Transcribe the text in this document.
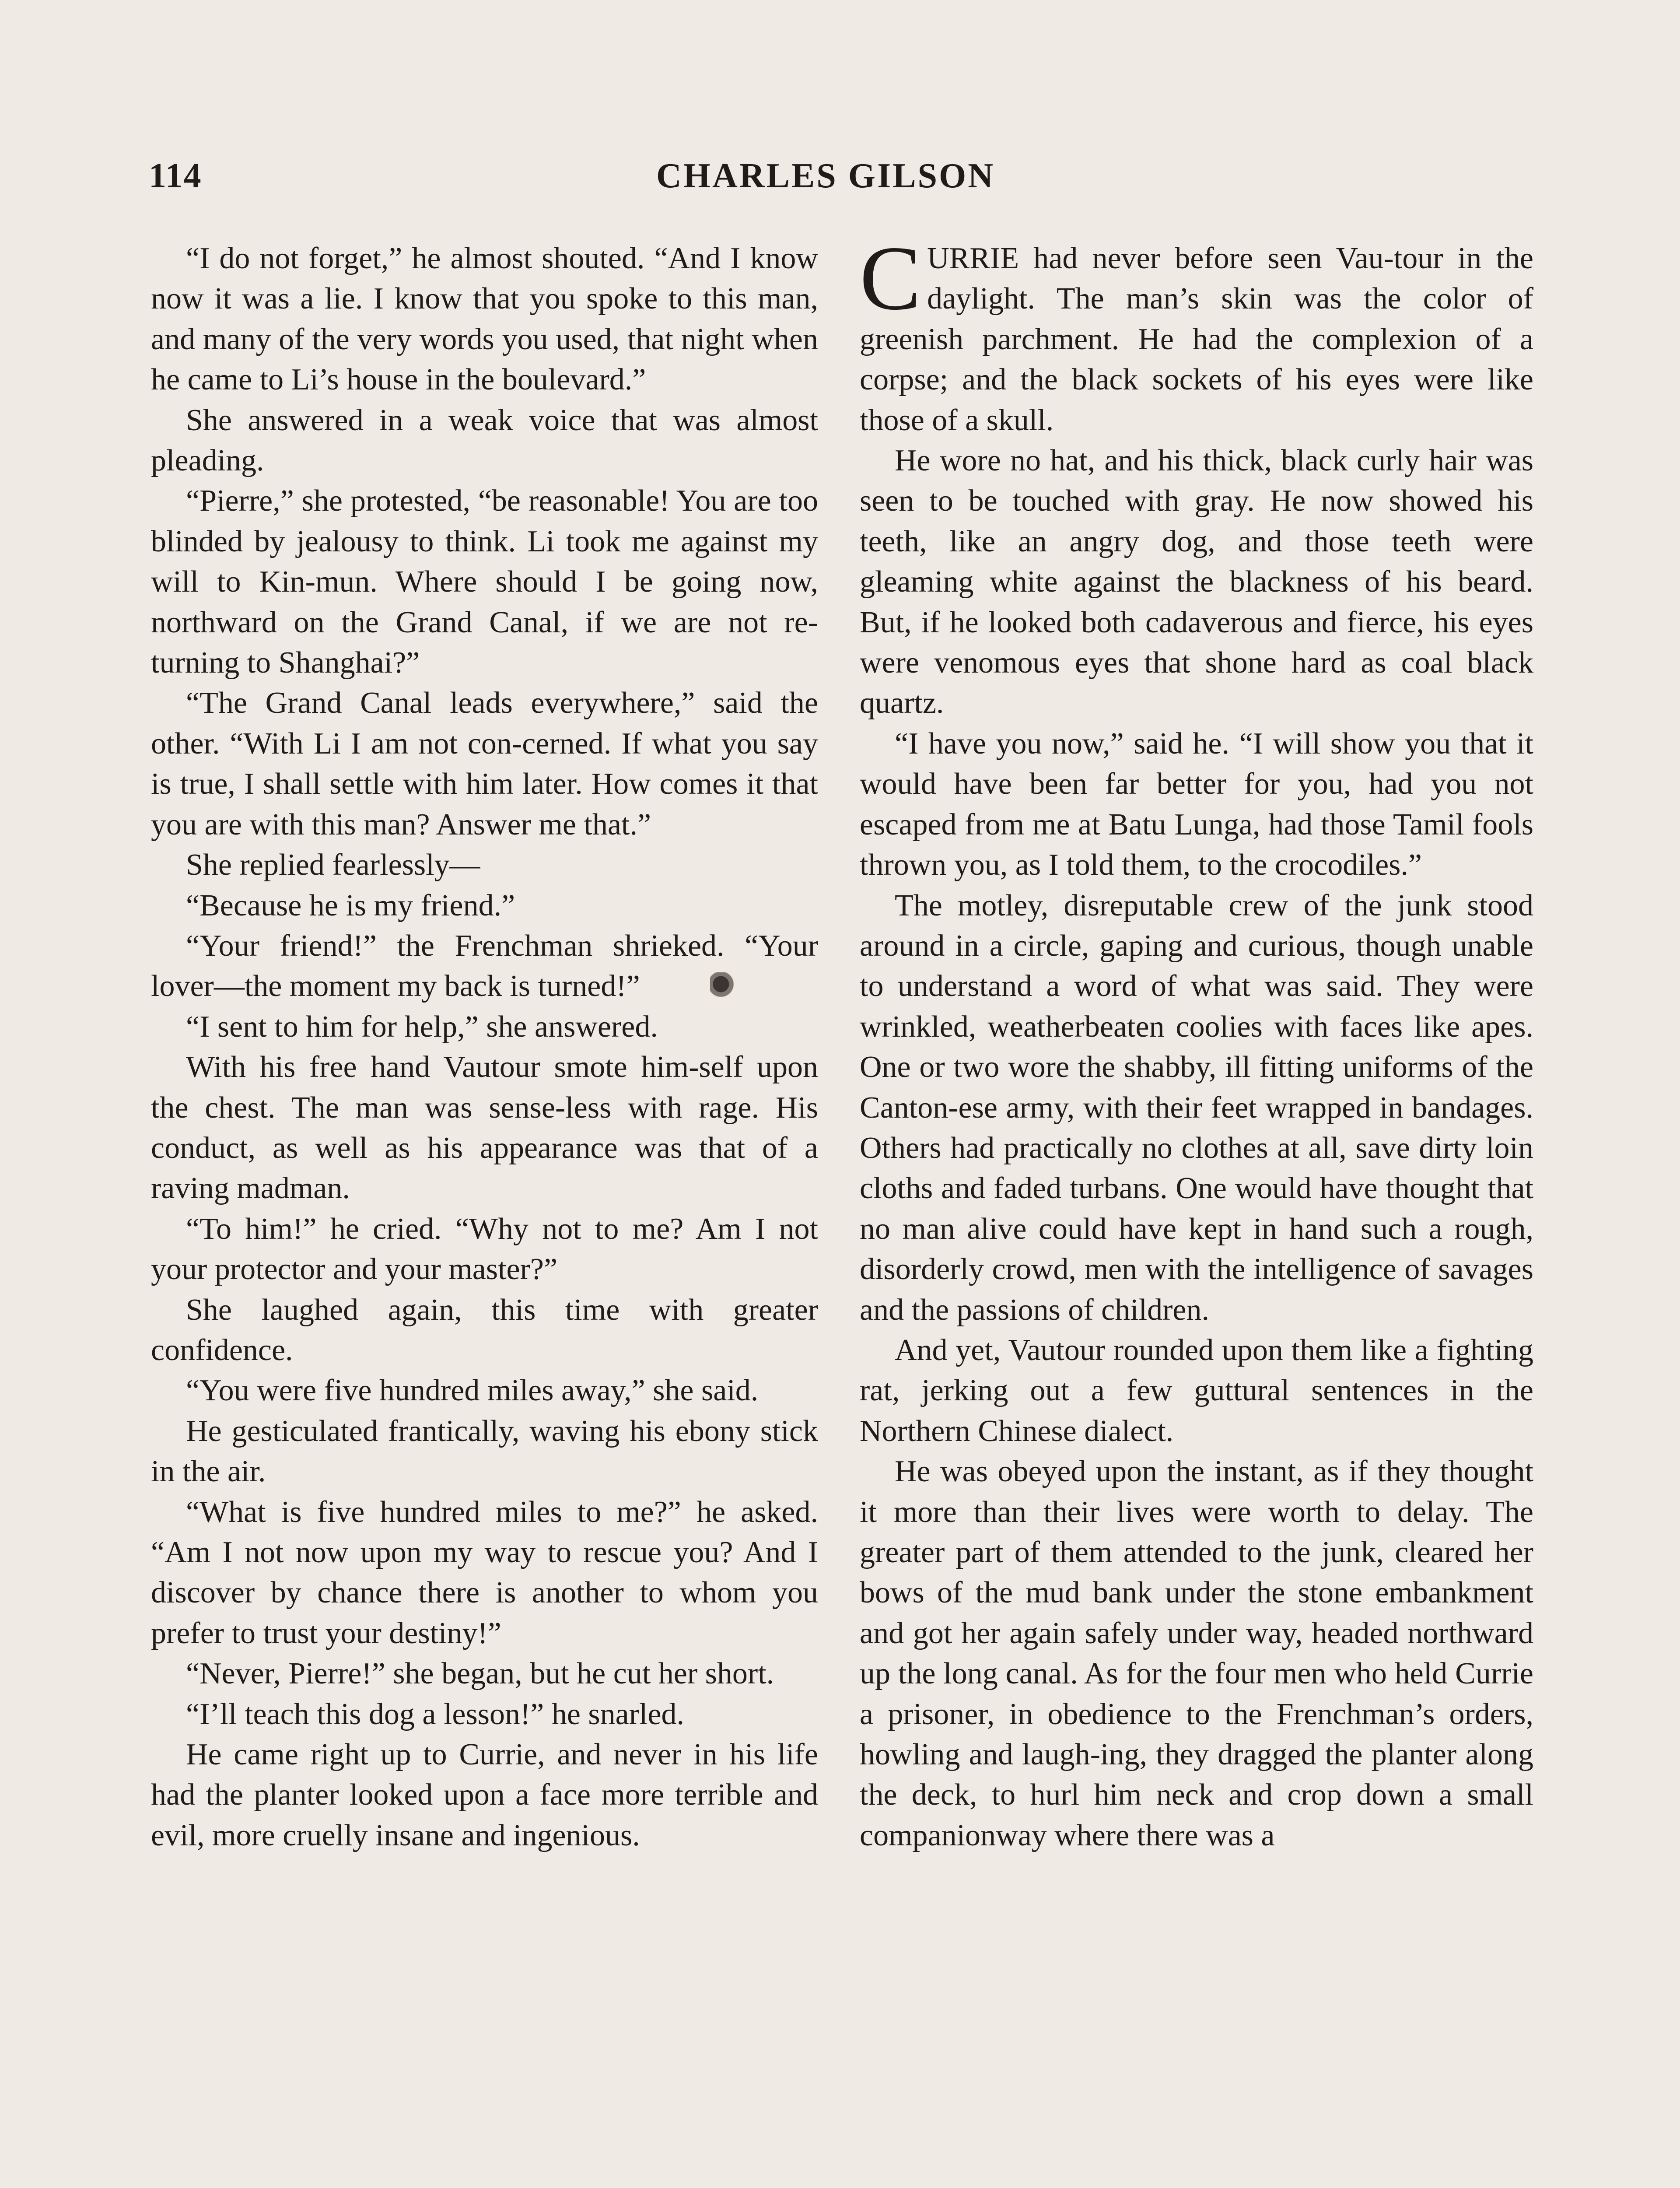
114	CHARLES GILSON

“I do not forget,” he almost shouted. “And I know now it was a lie. I know that you spoke to this man, and many of the very words you used, that night when he came to Li’s house in the boulevard.”

She answered in a weak voice that was almost pleading.

“Pierre,” she protested, “be reasonable! You are too blinded by jealousy to think. Li took me against my will to Kin-mun. Where should I be going now, northward on the Grand Canal, if we are not re-turning to Shanghai?”

“The Grand Canal leads everywhere,” said the other. “With Li I am not con-cerned. If what you say is true, I shall settle with him later. How comes it that you are with this man? Answer me that.”

She replied fearlessly—

“Because he is my friend.”

“Your friend!” the Frenchman shrieked. “Your lover—the moment my back is turned!”

“I sent to him for help,” she answered.

With his free hand Vautour smote him-self upon the chest. The man was sense-less with rage. His conduct, as well as his appearance was that of a raving madman.

“To him!” he cried. “Why not to me? Am I not your protector and your master?”

She laughed again, this time with greater confidence.

“You were five hundred miles away,” she said.

He gesticulated frantically, waving his ebony stick in the air.

“What is five hundred miles to me?” he asked. “Am I not now upon my way to rescue you? And I discover by chance there is another to whom you prefer to trust your destiny!”

“Never, Pierre!” she began, but he cut her short.

“I’ll teach this dog a lesson!” he snarled.

He came right up to Currie, and never in his life had the planter looked upon a face more terrible and evil, more cruelly insane and ingenious.

CURRIE had never before seen Vau-tour in the daylight. The man’s skin was the color of greenish parchment. He had the complexion of a corpse; and the black sockets of his eyes were like those of a skull.

He wore no hat, and his thick, black curly hair was seen to be touched with gray. He now showed his teeth, like an angry dog, and those teeth were gleaming white against the blackness of his beard. But, if he looked both cadaverous and fierce, his eyes were venomous eyes that shone hard as coal black quartz.

“I have you now,” said he. “I will show you that it would have been far better for you, had you not escaped from me at Batu Lunga, had those Tamil fools thrown you, as I told them, to the crocodiles.”

The motley, disreputable crew of the junk stood around in a circle, gaping and curious, though unable to understand a word of what was said. They were wrinkled, weatherbeaten coolies with faces like apes. One or two wore the shabby, ill fitting uniforms of the Canton-ese army, with their feet wrapped in bandages. Others had practically no clothes at all, save dirty loin cloths and faded turbans. One would have thought that no man alive could have kept in hand such a rough, disorderly crowd, men with the intelligence of savages and the passions of children.

And yet, Vautour rounded upon them like a fighting rat, jerking out a few guttural sentences in the Northern Chinese dialect.

He was obeyed upon the instant, as if they thought it more than their lives were worth to delay. The greater part of them attended to the junk, cleared her bows of the mud bank under the stone embankment and got her again safely under way, headed northward up the long canal. As for the four men who held Currie a prisoner, in obedience to the Frenchman’s orders, howling and laugh-ing, they dragged the planter along the deck, to hurl him neck and crop down a small companionway where there was a
